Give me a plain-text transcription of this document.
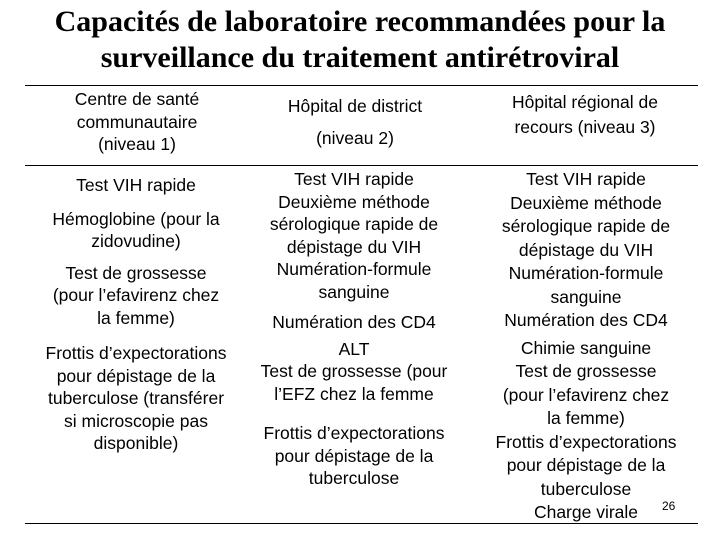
Capacités de laboratoire recommandées pour la
surveillance du traitement antirétroviral
Centre de santé
communautaire
(niveau 1)
Hôpital de district
(niveau 2)
Hôpital régional de
recours (niveau 3)
Test VIH rapide
Hémoglobine (pour la
zidovudine)
Test de grossesse
(pour l’efavirenz chez
la femme)
Frottis d’expectorations
pour dépistage de la
tuberculose (transférer
si microscopie pas
disponible)
Test VIH rapide
Deuxième méthode
sérologique rapide de
dépistage du VIH
Numération-formule
sanguine
Numération des CD4
ALT
Test de grossesse (pour
l’EFZ chez la femme
Frottis d’expectorations
pour dépistage de la
tuberculose
Test VIH rapide
Deuxième méthode
sérologique rapide de
dépistage du VIH
Numération-formule
sanguine
Numération des CD4
Chimie sanguine
Test de grossesse
(pour l’efavirenz chez
la femme)
Frottis d’expectorations
pour dépistage de la
tuberculose
Charge virale	26
